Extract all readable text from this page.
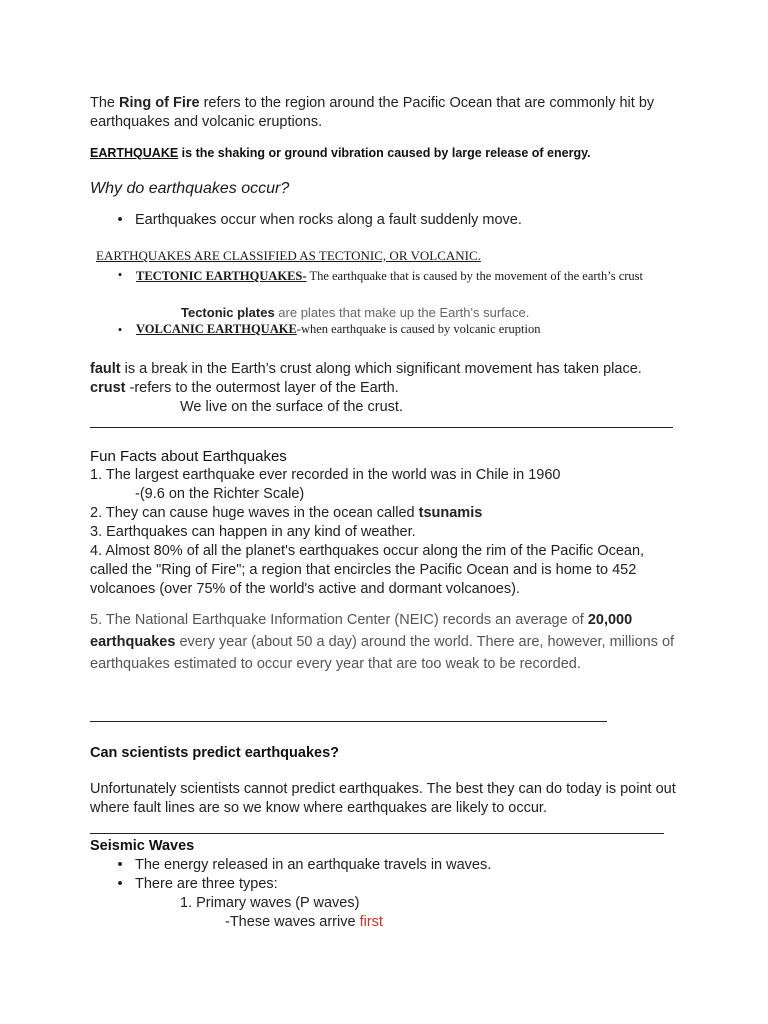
The Ring of Fire refers to the region around the Pacific Ocean that are commonly hit by earthquakes and volcanic eruptions.
EARTHQUAKE is the shaking or ground vibration caused by large release of energy.
Why do earthquakes occur?
• Earthquakes occur when rocks along a fault suddenly move.
EARTHQUAKES ARE CLASSIFIED AS TECTONIC, OR VOLCANIC.
• TECTONIC EARTHQUAKES- The earthquake that is caused by the movement of the earth’s crust
Tectonic plates are plates that make up the Earth's surface.
• VOLCANIC EARTHQUAKE-when earthquake is caused by volcanic eruption
fault is a break in the Earth’s crust along which significant movement has taken place.
crust -refers to the outermost layer of the Earth.
We live on the surface of the crust.
Fun Facts about Earthquakes
1. The largest earthquake ever recorded in the world was in Chile in 1960
-(9.6 on the Richter Scale)
2. They can cause huge waves in the ocean called tsunamis
3. Earthquakes can happen in any kind of weather.
4. Almost 80% of all the planet's earthquakes occur along the rim of the Pacific Ocean, called the "Ring of Fire"; a region that encircles the Pacific Ocean and is home to 452 volcanoes (over 75% of the world's active and dormant volcanoes).
5. The National Earthquake Information Center (NEIC) records an average of 20,000 earthquakes every year (about 50 a day) around the world. There are, however, millions of earthquakes estimated to occur every year that are too weak to be recorded.
Can scientists predict earthquakes?
Unfortunately scientists cannot predict earthquakes. The best they can do today is point out where fault lines are so we know where earthquakes are likely to occur.
Seismic Waves
• The energy released in an earthquake travels in waves.
• There are three types:
1. Primary waves (P waves)
-These waves arrive first
